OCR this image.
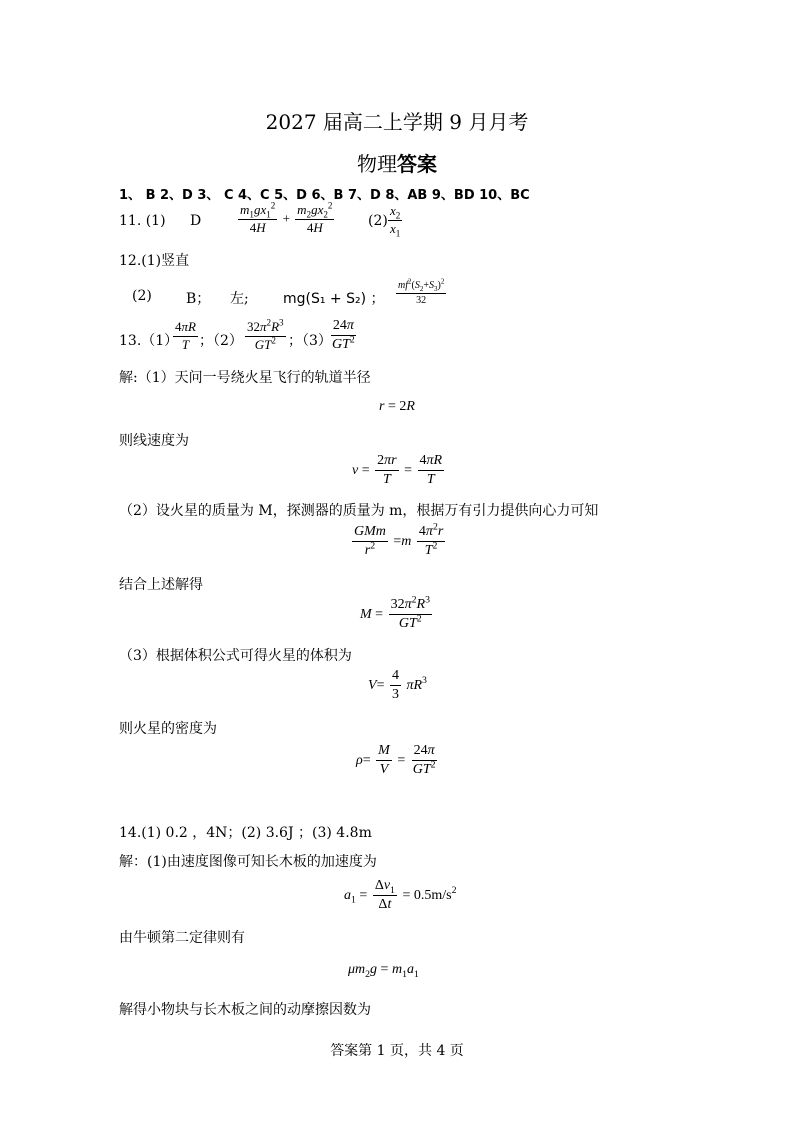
2027 届高二上学期 9 月月考
物理答案
1、 B 2、D 3、 C 4、C 5、D 6、B 7、D 8、AB 9、BD 10、BC
11. (1) D	$\frac{m_1gx_1^2}{4H} + \frac{m_2gx_2^2}{4H} (2) \frac{x_2}{x_1}$
12.(1)竖直
(2) B； 左; mg(S₁ + S₂) ； $\frac{mf^2(S_2+S_3)^2}{32}$
13.（1）
$\frac{4\pi R}{T}$ ；$(2) \frac{32\pi^2R^3}{GT^2}$ ；（3）
$\frac{24\pi}{GT^2}$
解:（1）天问一号绕火星飞行的轨道半径
r = 2R
则线速度为
$v = \frac{2\pi r}{T} = \frac{4\pi R}{T}$
（2）设火星的质量为 M，探测器的质量为 m，根据万有引力提供向心力可知
$\frac{\text{GMm}}{r^2} =m \frac{4\pi^2r}{T^2}$
结合上述解得
$M = \frac{32\pi^2R^3}{GT^2}$
（3）根据体积公式可得火星的体积为
$V= \frac{4}{3} \pi R^3$
则火星的密度为
$\rho= \frac{M}{V} = \frac{24\pi}{GT^2}$
14.(1) 0.2 ，4N；(2) 3.6J ；(3) 4.8m
解：(1)由速度图像可知长木板的加速度为
$a_1 = \frac{\Delta v_1}{\Delta t} = 0.5m/s^2$
由牛顿第二定律则有
$\mu m_2g = m_1a_1$
解得小物块与长木板之间的动摩擦因数为
答案第 1 页，共 4 页
